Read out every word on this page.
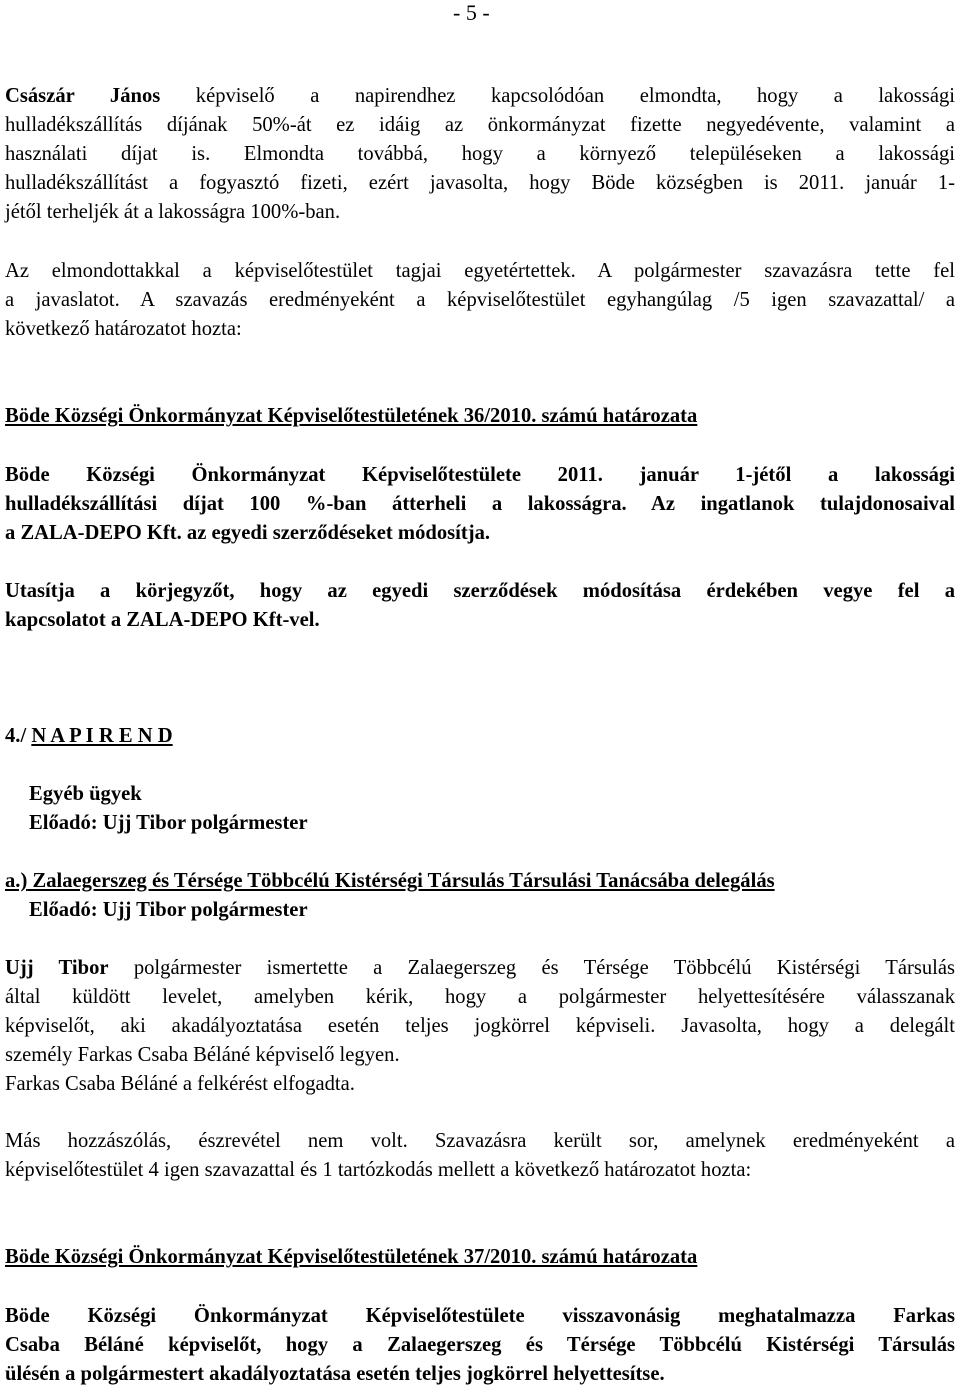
- 5 -
Császár János képviselő a napirendhez kapcsolódóan elmondta, hogy a lakossági
hulladékszállítás díjának 50%-át ez idáig az önkormányzat fizette negyedévente, valamint a
használati díjat is. Elmondta továbbá, hogy a környező településeken a lakossági
hulladékszállítást a fogyasztó fizeti, ezért javasolta, hogy Böde községben is 2011. január 1-
jétől terheljék át a lakosságra 100%-ban.
Az elmondottakkal a képviselőtestület tagjai egyetértettek. A polgármester szavazásra tette fel
a javaslatot. A szavazás eredményeként a képviselőtestület egyhangúlag /5 igen szavazattal/ a
következő határozatot hozta:
Böde Községi Önkormányzat Képviselőtestületének 36/2010. számú határozata
Böde Községi Önkormányzat Képviselőtestülete 2011. január 1-jétől a lakossági
hulladékszállítási díjat 100 %-ban átterheli a lakosságra. Az ingatlanok tulajdonosaival
a ZALA-DEPO Kft. az egyedi szerződéseket módosítja.
Utasítja a körjegyzőt, hogy az egyedi szerződések módosítása érdekében vegye fel a
kapcsolatot a ZALA-DEPO Kft-vel.
4./ N A P I R E N D
Egyéb ügyek
Előadó: Ujj Tibor polgármester
a.) Zalaegerszeg és Térsége Többcélú Kistérségi Társulás Társulási Tanácsába delegálás
Előadó: Ujj Tibor polgármester
Ujj Tibor polgármester ismertette a Zalaegerszeg és Térsége Többcélú Kistérségi Társulás
által küldött levelet, amelyben kérik, hogy a polgármester helyettesítésére válasszanak
képviselőt, aki akadályoztatása esetén teljes jogkörrel képviseli. Javasolta, hogy a delegált
személy Farkas Csaba Béláné képviselő legyen.
Farkas Csaba Béláné a felkérést elfogadta.
Más hozzászólás, észrevétel nem volt. Szavazásra került sor, amelynek eredményeként a
képviselőtestület 4 igen szavazattal és 1 tartózkodás mellett a következő határozatot hozta:
Böde Községi Önkormányzat Képviselőtestületének 37/2010. számú határozata
Böde Községi Önkormányzat Képviselőtestülete visszavonásig meghatalmazza Farkas
Csaba Béláné képviselőt, hogy a Zalaegerszeg és Térsége Többcélú Kistérségi Társulás
ülésén a polgármestert akadályoztatása esetén teljes jogkörrel helyettesítse.
